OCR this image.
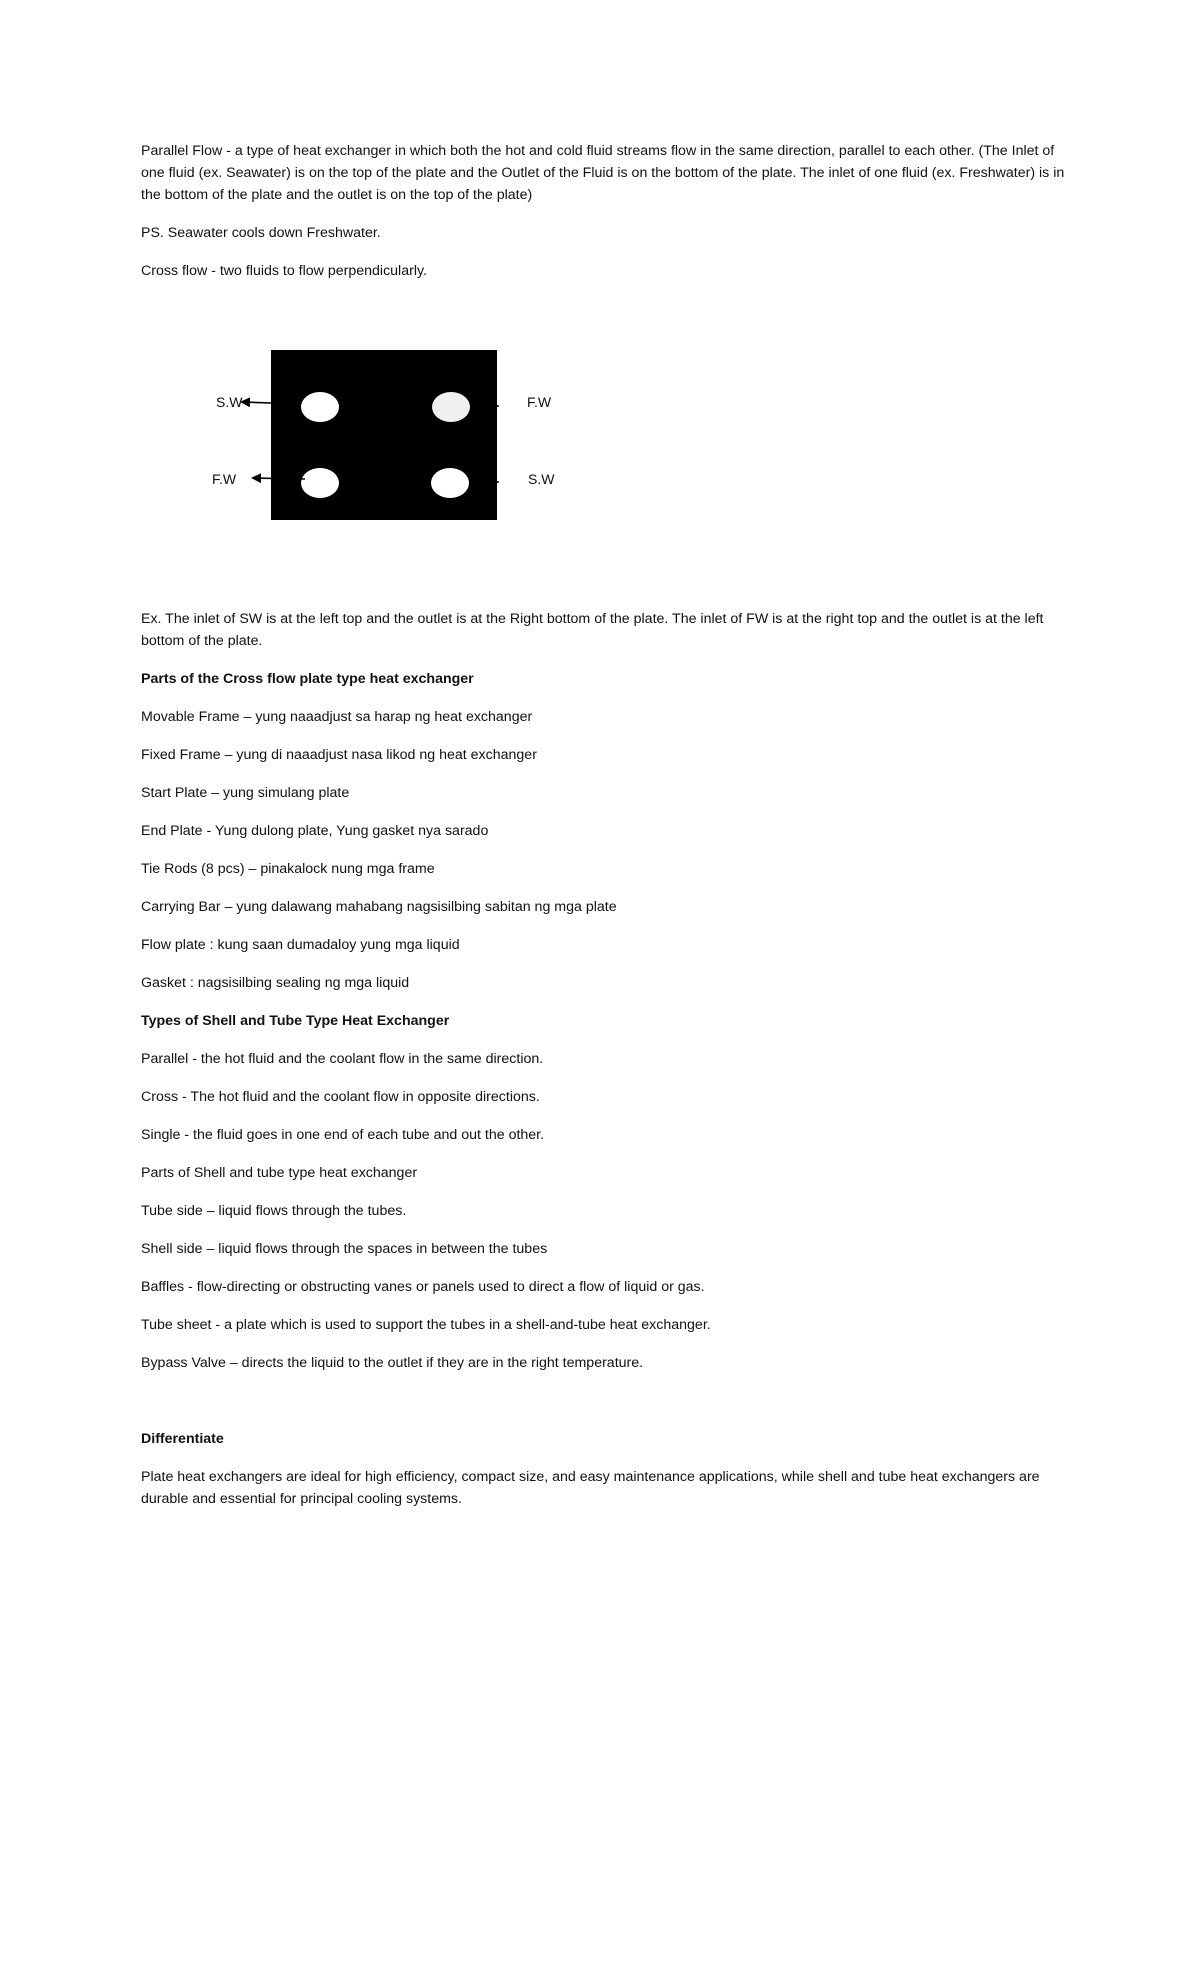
Parallel Flow - a type of heat exchanger in which both the hot and cold fluid streams flow in the same direction, parallel to each other. (The Inlet of one fluid (ex. Seawater) is on the top of the plate and the Outlet of the Fluid is on the bottom of the plate. The inlet of one fluid (ex. Freshwater) is in the bottom of the plate and the outlet is on the top of the plate)

PS. Seawater cools down Freshwater.

Cross flow - two fluids to flow perpendicularly.

S.W	F.W
F.W	S.W

Ex. The inlet of SW is at the left top and the outlet is at the Right bottom of the plate. The inlet of FW is at the right top and the outlet is at the left bottom of the plate.

Parts of the Cross flow plate type heat exchanger

Movable Frame – yung naaadjust sa harap ng heat exchanger

Fixed Frame – yung di naaadjust nasa likod ng heat exchanger

Start Plate – yung simulang plate

End Plate - Yung dulong plate, Yung gasket nya sarado

Tie Rods (8 pcs) – pinakalock nung mga frame

Carrying Bar – yung dalawang mahabang nagsisilbing sabitan ng mga plate

Flow plate : kung saan dumadaloy yung mga liquid

Gasket : nagsisilbing sealing ng mga liquid

Types of Shell and Tube Type Heat Exchanger

Parallel - the hot fluid and the coolant flow in the same direction.

Cross - The hot fluid and the coolant flow in opposite directions.

Single - the fluid goes in one end of each tube and out the other.

Parts of Shell and tube type heat exchanger

Tube side – liquid flows through the tubes.

Shell side – liquid flows through the spaces in between the tubes

Baffles - flow-directing or obstructing vanes or panels used to direct a flow of liquid or gas.

Tube sheet - a plate which is used to support the tubes in a shell-and-tube heat exchanger.

Bypass Valve – directs the liquid to the outlet if they are in the right temperature.

Differentiate

Plate heat exchangers are ideal for high efficiency, compact size, and easy maintenance applications, while shell and tube heat exchangers are durable and essential for principal cooling systems.
